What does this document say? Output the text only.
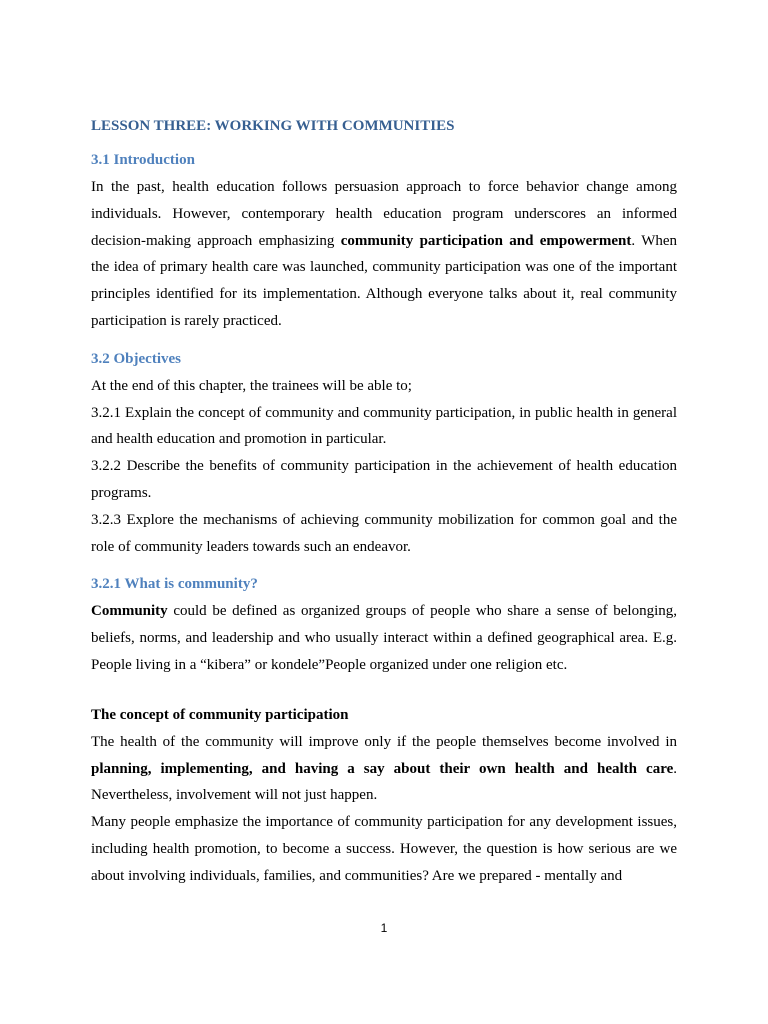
LESSON THREE: WORKING WITH COMMUNITIES
3.1 Introduction

In the past, health education follows persuasion approach to force behavior change among individuals. However, contemporary health education program underscores an informed decision-making approach emphasizing community participation and empowerment. When the idea of primary health care was launched, community participation was one of the important principles identified for its implementation. Although everyone talks about it, real community participation is rarely practiced.

3.2 Objectives

At the end of this chapter, the trainees will be able to;

3.2.1 Explain the concept of community and community participation, in public health in general and health education and promotion in particular.

3.2.2 Describe the benefits of community participation in the achievement of health education programs.

3.2.3 Explore the mechanisms of achieving community mobilization for common goal and the role of community leaders towards such an endeavor.

3.2.1 What is community?

Community could be defined as organized groups of people who share a sense of belonging, beliefs, norms, and leadership and who usually interact within a defined geographical area. E.g. People living in a “kibera” or kondele”People organized under one religion etc.

The concept of community participation

The health of the community will improve only if the people themselves become involved in planning, implementing, and having a say about their own health and health care. Nevertheless, involvement will not just happen.

Many people emphasize the importance of community participation for any development issues, including health promotion, to become a success. However, the question is how serious are we about involving individuals, families, and communities? Are we prepared - mentally and

1
